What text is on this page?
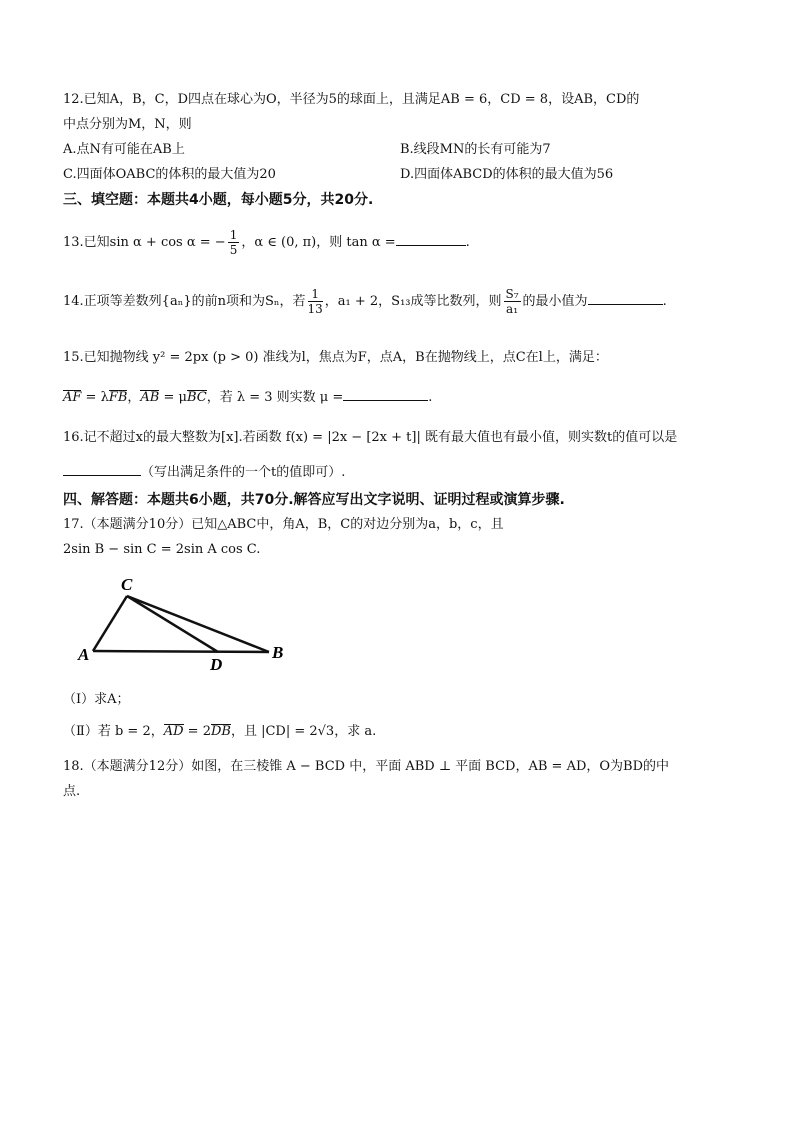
12.已知A，B，C，D四点在球心为O，半径为5的球面上，且满足AB = 6，CD = 8，设AB，CD的
中点分别为M，N，则
A.点N有可能在AB上	B.线段MN的长有可能为7
C.四面体OABC的体积的最大值为20	D.四面体ABCD的体积的最大值为56
三、填空题：本题共4小题，每小题5分，共20分.
13.已知sin α + cos α = − $\frac{1}{5}$ ，α ∈ (0, π)，则 tan α =	.
14.正项等差数列{aₙ}的前n项和为Sₙ，若 $\frac{1}{13}$ ，a₁ + 2，S₁₃成等比数列，则 $\frac{\text{S₇}}{\text{a₁}}$ 的最小值为	.
15.已知抛物线 y² = 2px (p > 0) 准线为l，焦点为F，点A，B在抛物线上，点C在l上，满足：
AF = λFB，AB = μBC，若 λ = 3 则实数 μ =	.
16.记不超过x的最大整数为[x].若函数 f(x) = |2x − [2x + t]| 既有最大值也有最小值，则实数t的值可以是
（写出满足条件的一个t的值即可）.
四、解答题：本题共6小题，共70分.解答应写出文字说明、证明过程或演算步骤.
17.（本题满分10分）已知△ABC中，角A，B，C的对边分别为a，b，c，且
2sin B − sin C = 2sin A cos C.
C
A
D
B
（Ⅰ）求A；
（Ⅱ）若 b = 2，AD = 2DB，且 |CD| = 2√3，求 a.
18.（本题满分12分）如图，在三棱锥 A − BCD 中，平面 ABD ⊥ 平面 BCD，AB = AD，O为BD的中
点.
